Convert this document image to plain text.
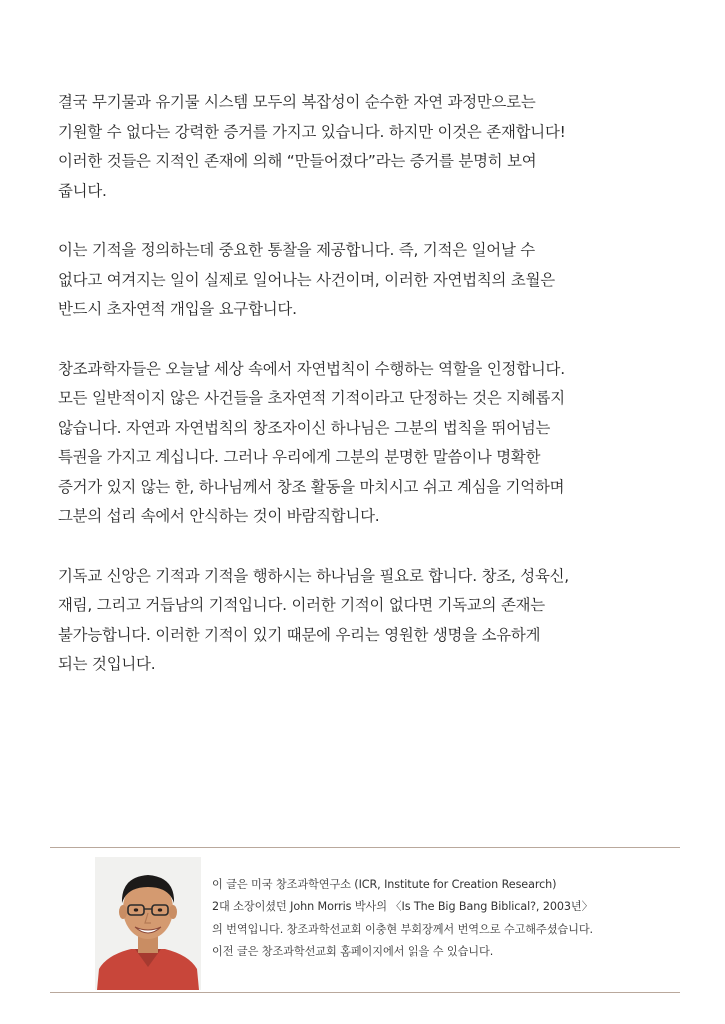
결국 무기물과 유기물 시스템 모두의 복잡성이 순수한 자연 과정만으로는
기원할 수 없다는 강력한 증거를 가지고 있습니다. 하지만 이것은 존재합니다!
이러한 것들은 지적인 존재에 의해 “만들어졌다”라는 증거를 분명히 보여
줍니다.

이는 기적을 정의하는데 중요한 통찰을 제공합니다. 즉, 기적은 일어날 수
없다고 여겨지는 일이 실제로 일어나는 사건이며, 이러한 자연법칙의 초월은
반드시 초자연적 개입을 요구합니다.

창조과학자들은 오늘날 세상 속에서 자연법칙이 수행하는 역할을 인정합니다.
모든 일반적이지 않은 사건들을 초자연적 기적이라고 단정하는 것은 지혜롭지
않습니다. 자연과 자연법칙의 창조자이신 하나님은 그분의 법칙을 뛰어넘는
특권을 가지고 계십니다. 그러나 우리에게 그분의 분명한 말씀이나 명확한
증거가 있지 않는 한, 하나님께서 창조 활동을 마치시고 쉬고 계심을 기억하며
그분의 섭리 속에서 안식하는 것이 바람직합니다.

기독교 신앙은 기적과 기적을 행하시는 하나님을 필요로 합니다. 창조, 성육신,
재림, 그리고 거듭남의 기적입니다. 이러한 기적이 없다면 기독교의 존재는
불가능합니다. 이러한 기적이 있기 때문에 우리는 영원한 생명을 소유하게
되는 것입니다.

이 글은 미국 창조과학연구소 (ICR, Institute for Creation Research)
2대 소장이셨던 John Morris 박사의 〈Is The Big Bang Biblical?, 2003년〉
의 번역입니다. 창조과학선교회 이충현 부회장께서 번역으로 수고해주셨습니다.
이전 글은 창조과학선교회 홈페이지에서 읽을 수 있습니다.
